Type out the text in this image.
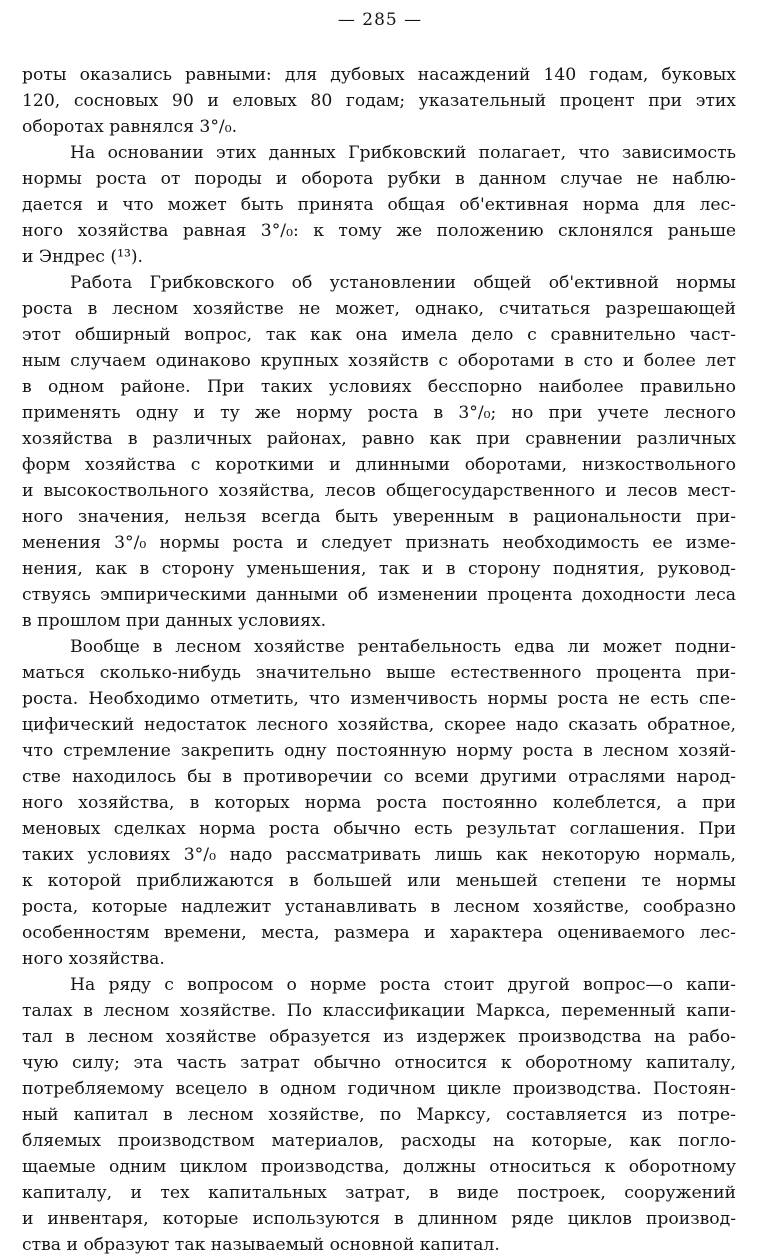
— 285 —
роты оказались равными: для дубовых насаждений 140 годам, буковых
120, сосновых 90 и еловых 80 годам; указательный процент при этих
оборотах равнялся 3°/₀.
На основании этих данных Грибковский полагает, что зависимость
нормы роста от породы и оборота рубки в данном случае не наблю-
дается и что может быть принята общая об'ективная норма для лес-
ного хозяйства равная 3°/₀: к тому же положению склонялся раньше
и Эндрес (¹³).
Работа Грибковского об установлении общей об'ективной нормы
роста в лесном хозяйстве не может, однако, считаться разрешающей
этот обширный вопрос, так как она имела дело с сравнительно част-
ным случаем одинаково крупных хозяйств с оборотами в сто и более лет
в одном районе. При таких условиях бесспорно наиболее правильно
применять одну и ту же норму роста в 3°/₀; но при учете лесного
хозяйства в различных районах, равно как при сравнении различных
форм хозяйства с короткими и длинными оборотами, низкоствольного
и высокоствольного хозяйства, лесов общегосударственного и лесов мест-
ного значения, нельзя всегда быть уверенным в рациональности при-
менения 3°/₀ нормы роста и следует признать необходимость ее изме-
нения, как в сторону уменьшения, так и в сторону поднятия, руковод-
ствуясь эмпирическими данными об изменении процента доходности леса
в прошлом при данных условиях.
Вообще в лесном хозяйстве рентабельность едва ли может подни-
маться сколько-нибудь значительно выше естественного процента при-
роста. Необходимо отметить, что изменчивость нормы роста не есть спе-
цифический недостаток лесного хозяйства, скорее надо сказать обратное,
что стремление закрепить одну постоянную норму роста в лесном хозяй-
стве находилось бы в противоречии со всеми другими отраслями народ-
ного хозяйства, в которых норма роста постоянно колеблется, а при
меновых сделках норма роста обычно есть результат соглашения. При
таких условиях 3°/₀ надо рассматривать лишь как некоторую нормаль,
к которой приближаются в большей или меньшей степени те нормы
роста, которые надлежит устанавливать в лесном хозяйстве, сообразно
особенностям времени, места, размера и характера оцениваемого лес-
ного хозяйства.
На ряду с вопросом о норме роста стоит другой вопрос—о капи-
талах в лесном хозяйстве. По классификации Маркса, переменный капи-
тал в лесном хозяйстве образуется из издержек производства на рабо-
чую силу; эта часть затрат обычно относится к оборотному капиталу,
потребляемому всецело в одном годичном цикле производства. Постоян-
ный капитал в лесном хозяйстве, по Марксу, составляется из потре-
бляемых производством материалов, расходы на которые, как погло-
щаемые одним циклом производства, должны относиться к оборотному
капиталу, и тех капитальных затрат, в виде построек, сооружений
и инвентаря, которые используются в длинном ряде циклов производ-
ства и образуют так называемый основной капитал.
